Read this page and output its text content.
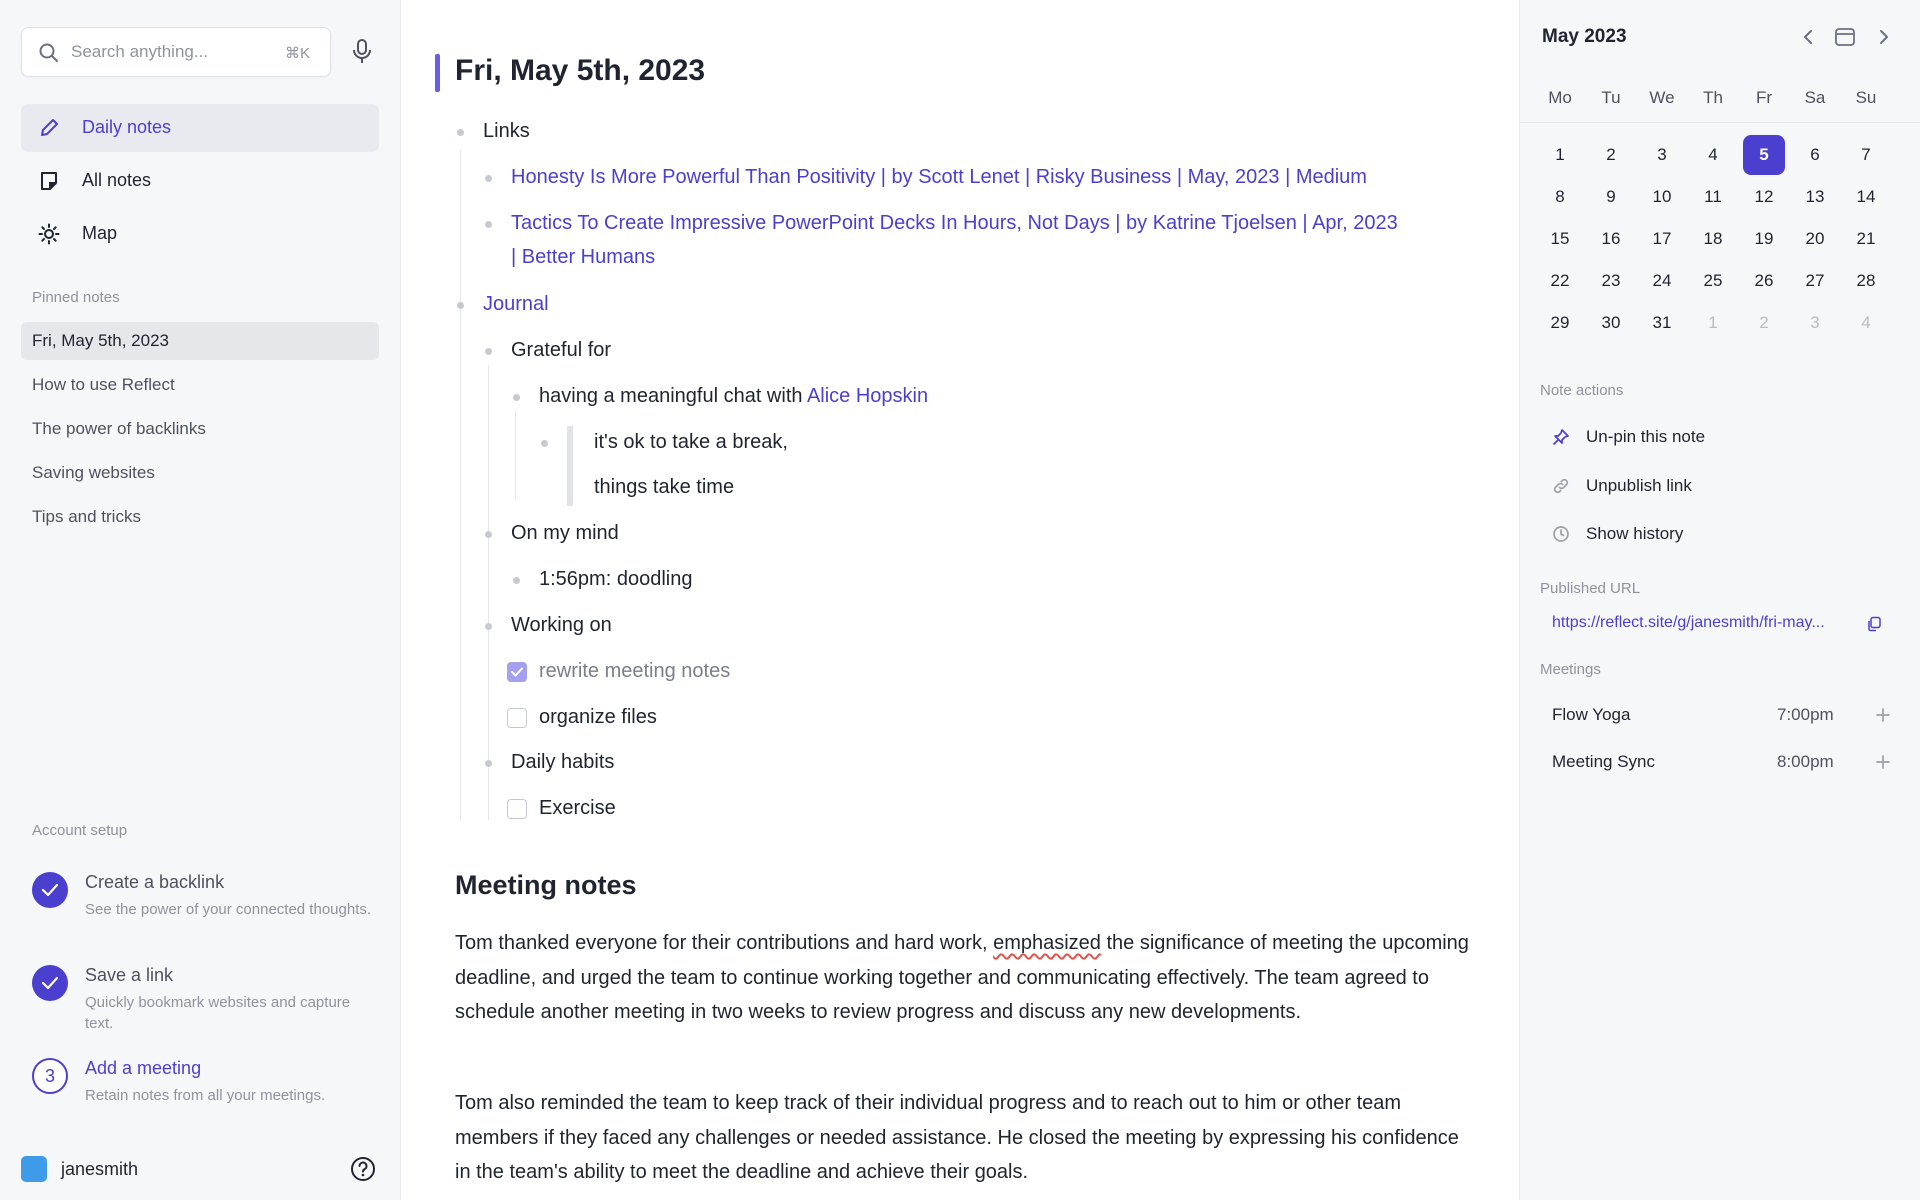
Search anything...	⌘K
Daily notes
All notes
Map
Pinned notes
Fri, May 5th, 2023
How to use Reflect
The power of backlinks
Saving websites
Tips and tricks
Account setup
Create a backlink
See the power of your connected thoughts.
Save a link
Quickly bookmark websites and capture text.
3	Add a meeting
Retain notes from all your meetings.
janesmith
Fri, May 5th, 2023
Links
Honesty Is More Powerful Than Positivity | by Scott Lenet | Risky Business | May, 2023 | Medium
Tactics To Create Impressive PowerPoint Decks In Hours, Not Days | by Katrine Tjoelsen | Apr, 2023
| Better Humans
Journal
Grateful for
having a meaningful chat with Alice Hopskin
it's ok to take a break,
things take time
On my mind
1:56pm: doodling
Working on
rewrite meeting notes
organize files
Daily habits
Exercise
Meeting notes

Tom thanked everyone for their contributions and hard work, emphasized the significance of meeting the upcoming deadline, and urged the team to continue working together and communicating effectively. The team agreed to schedule another meeting in two weeks to review progress and discuss any new developments.

Tom also reminded the team to keep track of their individual progress and to reach out to him or other team members if they faced any challenges or needed assistance. He closed the meeting by expressing his confidence in the team's ability to meet the deadline and achieve their goals.

May 2023
Mo	Tu	We	Th	Fr	Sa	Su
1	2	3	4	5	6	7
8	9	10	11	12	13	14
15	16	17	18	19	20	21
22	23	24	25	26	27	28
29	30	31	1	2	3	4
Note actions
Un-pin this note
Unpublish link
Show history
Published URL
https://reflect.site/g/janesmith/fri-may...
Meetings
Flow Yoga	7:00pm
Meeting Sync	8:00pm
